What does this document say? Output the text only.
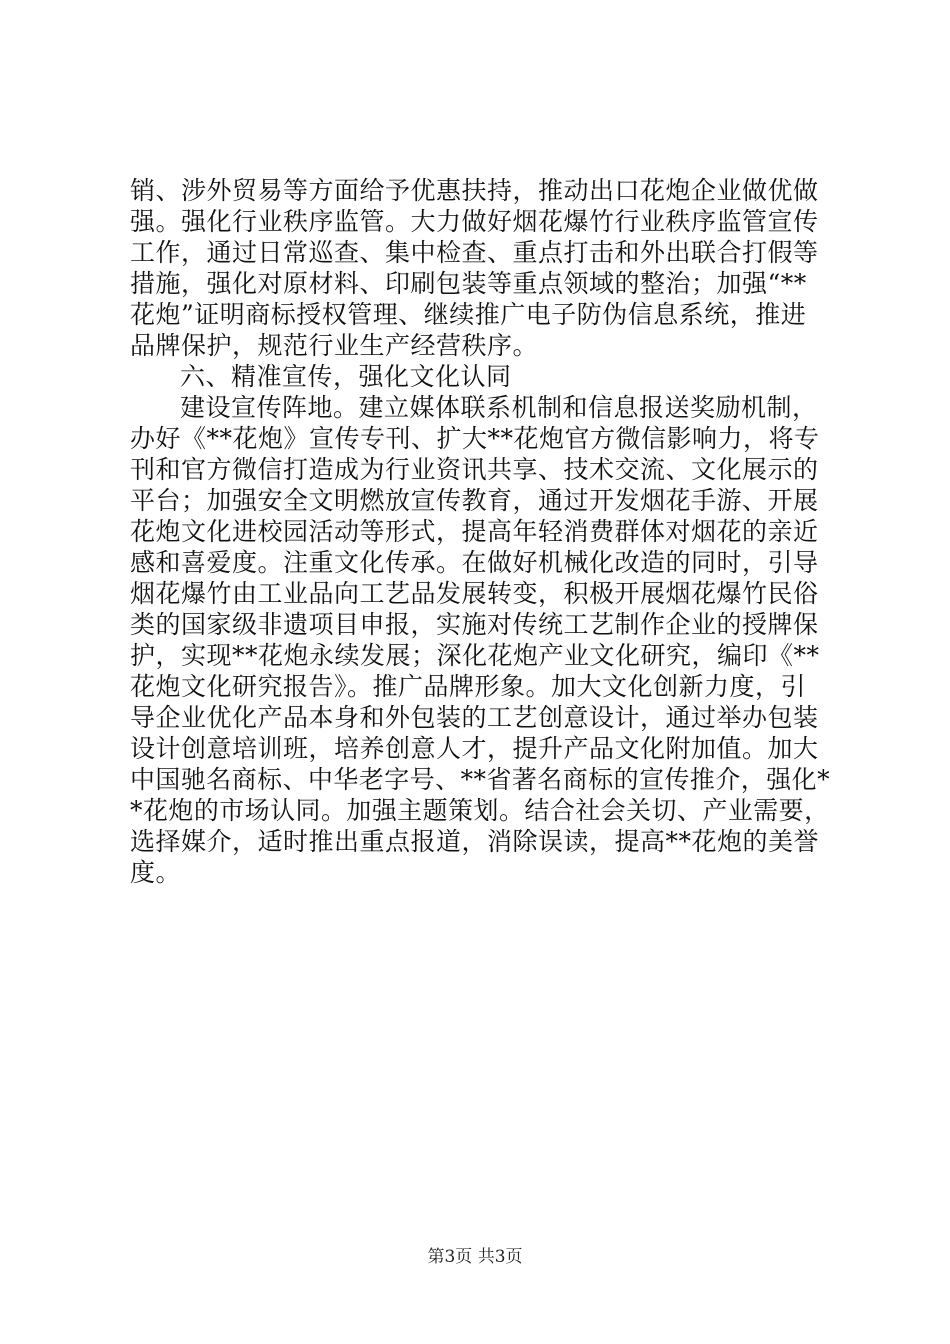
销、涉外贸易等方面给予优惠扶持，推动出口花炮企业做优做
强。强化行业秩序监管。大力做好烟花爆竹行业秩序监管宣传
工作，通过日常巡查、集中检查、重点打击和外出联合打假等
措施，强化对原材料、印刷包装等重点领域的整治；加强“**
花炮”证明商标授权管理、继续推广电子防伪信息系统，推进
品牌保护，规范行业生产经营秩序。
六、精准宣传，强化文化认同
建设宣传阵地。建立媒体联系机制和信息报送奖励机制，
办好《**花炮》宣传专刊、扩大**花炮官方微信影响力，将专
刊和官方微信打造成为行业资讯共享、技术交流、文化展示的
平台；加强安全文明燃放宣传教育，通过开发烟花手游、开展
花炮文化进校园活动等形式，提高年轻消费群体对烟花的亲近
感和喜爱度。注重文化传承。在做好机械化改造的同时，引导
烟花爆竹由工业品向工艺品发展转变，积极开展烟花爆竹民俗
类的国家级非遗项目申报，实施对传统工艺制作企业的授牌保
护，实现**花炮永续发展；深化花炮产业文化研究，编印《**
花炮文化研究报告》。推广品牌形象。加大文化创新力度，引
导企业优化产品本身和外包装的工艺创意设计，通过举办包装
设计创意培训班，培养创意人才，提升产品文化附加值。加大
中国驰名商标、中华老字号、**省著名商标的宣传推介，强化*
*花炮的市场认同。加强主题策划。结合社会关切、产业需要，
选择媒介，适时推出重点报道，消除误读，提高**花炮的美誉
度。
第3页 共3页
